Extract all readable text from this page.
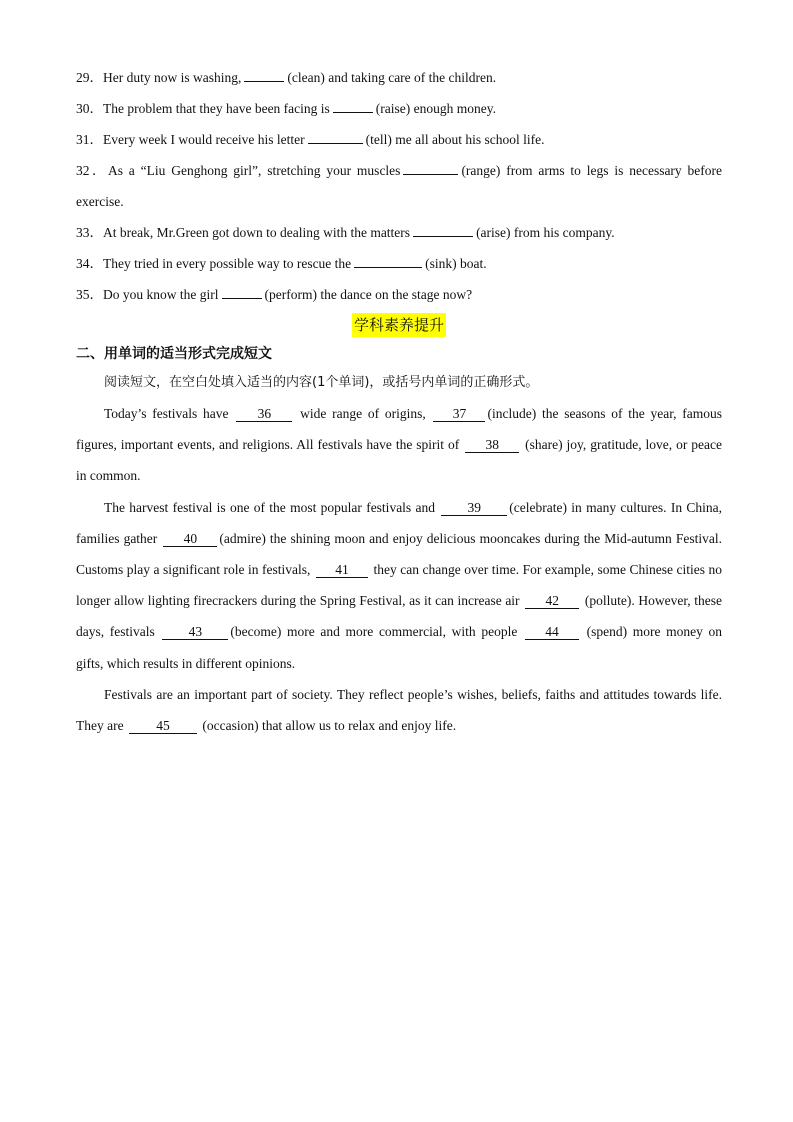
29．Her duty now is washing,	(clean) and taking care of the children.
30．The problem that they have been facing is	(raise) enough money.
31．Every week I would receive his letter	(tell) me all about his school life.
32．As a “Liu Genghong girl”, stretching your muscles	(range) from arms to legs is necessary before exercise.
33．At break, Mr.Green got down to dealing with the matters	(arise) from his company.
34．They tried in every possible way to rescue the	(sink) boat.
35．Do you know the girl	(perform) the dance on the stage now?
学科素养提升
二、用单词的适当形式完成短文
阅读短文，在空白处填入适当的内容(1个单词)，或括号内单词的正确形式。
Today’s festivals have 36 wide range of origins, 37 (include) the seasons of the year, famous figures, important events, and religions. All festivals have the spirit of 38 (share) joy, gratitude, love, or peace in common.
The harvest festival is one of the most popular festivals and 39 (celebrate) in many cultures. In China, families gather 40 (admire) the shining moon and enjoy delicious mooncakes during the Mid-autumn Festival. Customs play a significant role in festivals, 41 they can change over time. For example, some Chinese cities no longer allow lighting firecrackers during the Spring Festival, as it can increase air 42 (pollute). However, these days, festivals	43 (become) more and more commercial, with people 44 (spend) more money on gifts, which results in different opinions.
Festivals are an important part of society. They reflect people’s wishes, beliefs, faiths and attitudes towards life. They are 45 (occasion) that allow us to relax and enjoy life.
